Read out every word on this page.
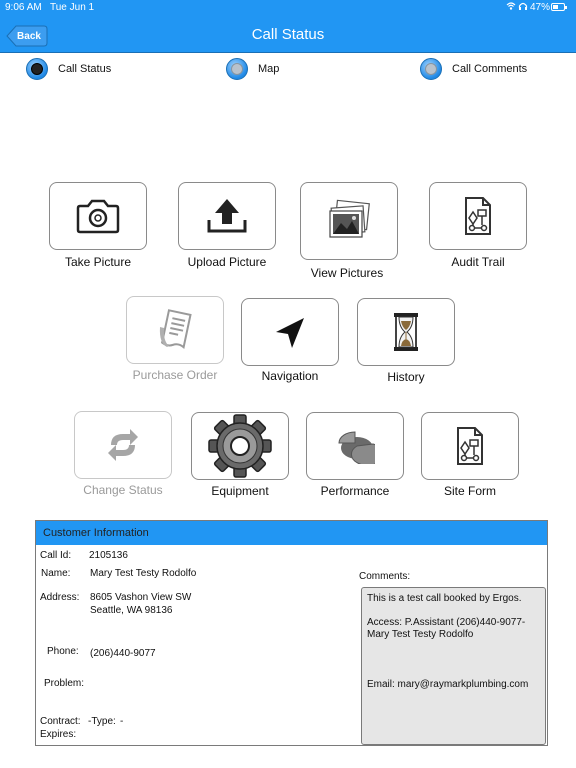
9:06 AM Tue Jun 1	47%
Back	Call Status
Call Status	Map	Call Comments
Take Picture	Upload Picture
View Pictures
Audit Trail
Purchase Order	Navigation	History
Change Status	Equipment	Performance	Site Form
Customer Information
Call Id: 2105136
Name: Mary Test Testy Rodolfo
Address: 8605 Vashon View SW
Seattle, WA 98136
Phone: (206)440-9077
Problem:
Contract: -Type: -
Expires:
Comments:

This is a test call booked by Ergos.

Access: P.Assistant (206)440-9077-

Mary Test Testy Rodolfo

Email: mary@raymarkplumbing.com
